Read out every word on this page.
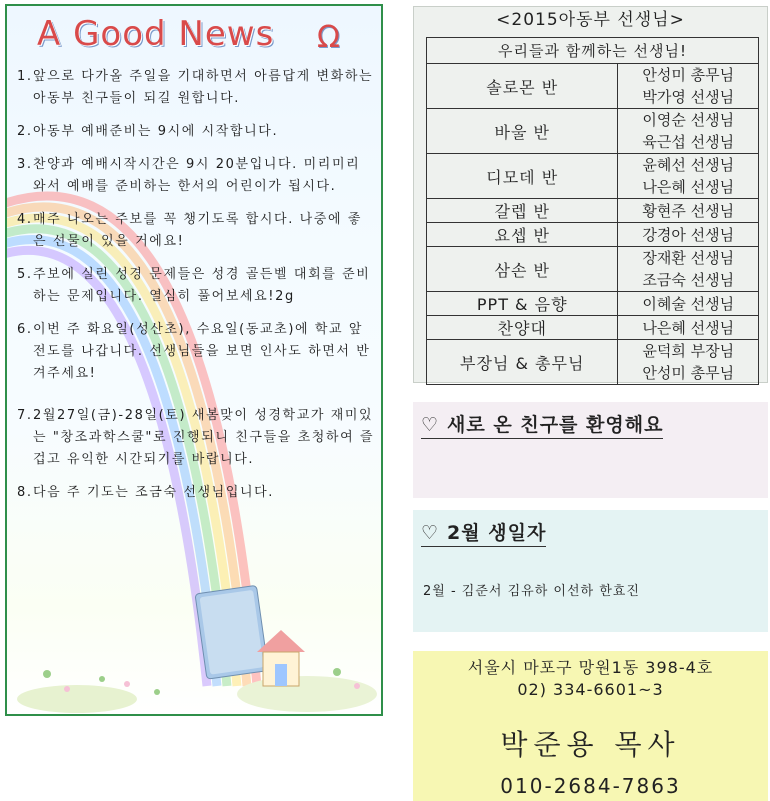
A Good News Ω
1. 앞으로 다가올 주일을 기대하면서 아름답게 변화하는 아동부 친구들이 되길 원합니다.
2. 아동부 예배준비는 9시에 시작합니다.
3. 찬양과 예배시작시간은 9시 20분입니다. 미리미리 와서 예배를 준비하는 한서의 어린이가 됩시다.
4. 매주 나오는 주보를 꼭 챙기도록 합시다. 나중에 좋은 선물이 있을 거에요!
5. 주보에 실린 성경 문제들은 성경 골든벨 대회를 준비하는 문제입니다. 열심히 풀어보세요!2g
6. 이번 주 화요일(성산초), 수요일(동교초)에 학교 앞 전도를 나갑니다. 선생님들을 보면 인사도 하면서 반겨주세요!
7. 2월27일(금)-28일(토) 새봄맞이 성경학교가 재미있는 "창조과학스쿨"로 진행되니 친구들을 초청하여 즐겁고 유익한 시간되기를 바랍니다.
8. 다음 주 기도는 조금숙 선생님입니다.
<2015아동부 선생님>
우리들과 함께하는 선생님!	
솔로몬 반	안성미 총무님
박가영 선생님

바울 반	이영순 선생님
육근섭 선생님

디모데 반	윤혜선 선생님
나은혜 선생님

갈렙 반	황현주 선생님

요셉 반	강경아 선생님

삼손 반	장재환 선생님
조금숙 선생님

PPT & 음향	이혜술 선생님

찬양대	나은혜 선생님

부장님 & 총무님	윤덕희 부장님
안성미 총무님
♡ 새로 온 친구를 환영해요
♡ 2월 생일자
2월 - 김준서 김유하 이선하 한효진
서울시 마포구 망원1동 398-4호
02) 334-6601~3
박준용 목사
010-2684-7863
